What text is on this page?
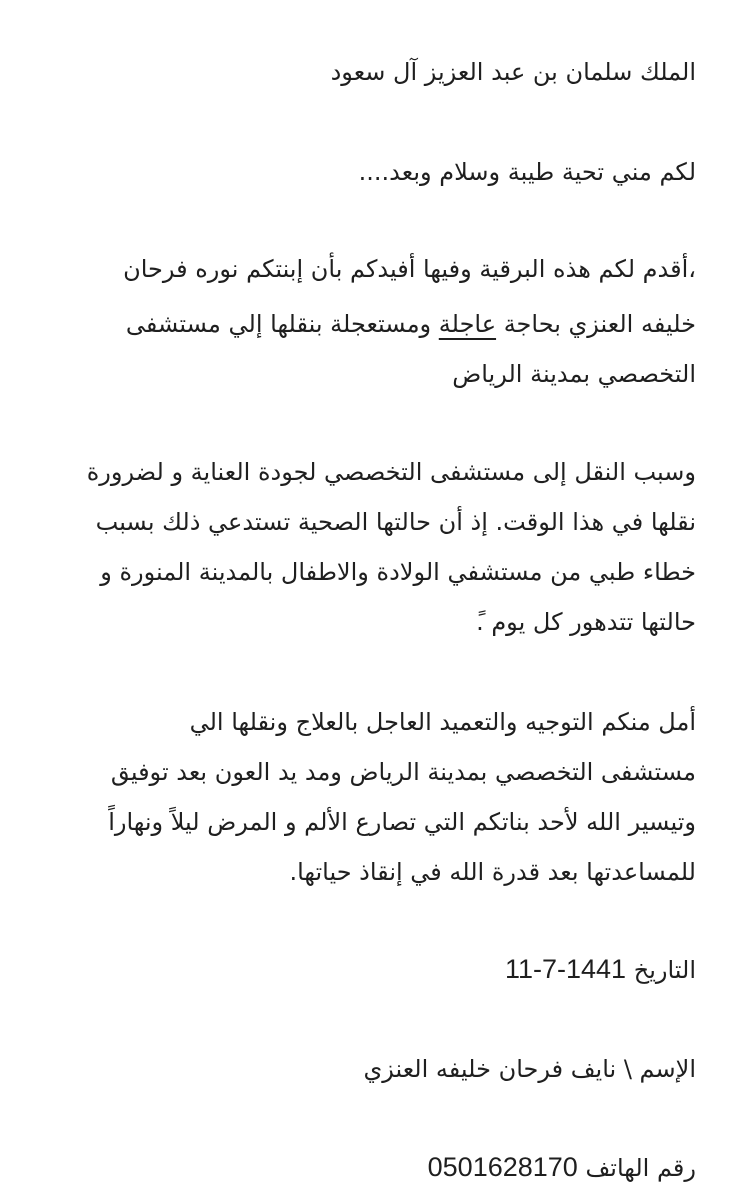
الملك سلمان بن عبد العزيز آل سعود
لكم مني تحية طيبة وسلام وبعد....
،أقدم لكم هذه البرقية وفيها أفيدكم بأن إبنتكم نوره فرحان
خليفه العنزي بحاجة عاجلة ومستعجلة بنقلها إلي مستشفى
التخصصي بمدينة الرياض
وسبب النقل إلى مستشفى التخصصي لجودة العناية و لضرورة
نقلها في هذا الوقت. إذ أن حالتها الصحية تستدعي ذلك بسبب
خطاء طبي من مستشفي الولادة والاطفال بالمدينة المنورة و
حالتها تتدهور كل يوم .ً
أمل منكم التوجيه والتعميد العاجل بالعلاج ونقلها الي
مستشفى التخصصي بمدينة الرياض ومد يد العون بعد توفيق
وتيسير الله لأحد بناتكم التي تصارع الألم و المرض ليلاً ونهاراً
للمساعدتها بعد قدرة الله في إنقاذ حياتها.
التاريخ 11-7-1441
الإسم \ نايف فرحان خليفه العنزي
رقم الهاتف 0501628170
